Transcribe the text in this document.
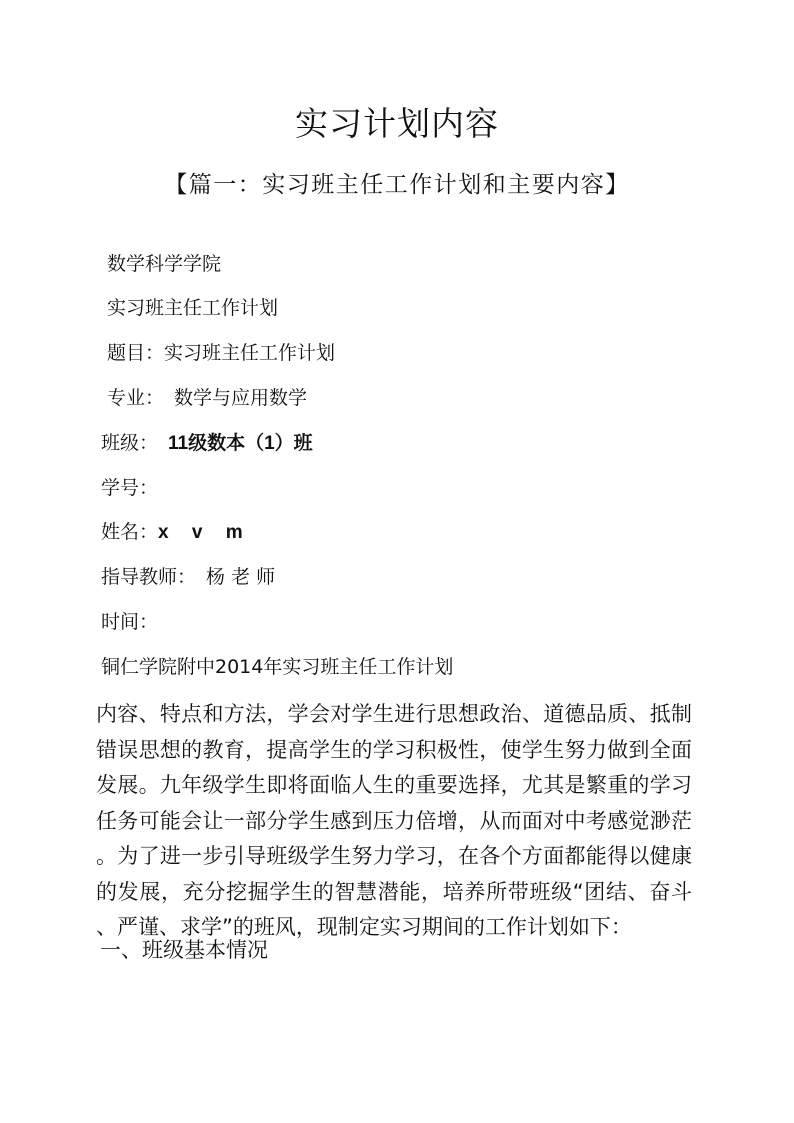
实习计划内容
【篇一：实习班主任工作计划和主要内容】
数学科学学院
实习班主任工作计划
题目：实习班主任工作计划
专业： 数学与应用数学
班级： 11级数本（1）班
学号：
姓名：x v m
指导教师： 杨 老 师
时间：
铜仁学院附中2014年实习班主任工作计划
内容、特点和方法，学会对学生进行思想政治、道德品质、抵制错误思想的教育，提高学生的学习积极性，使学生努力做到全面发展。九年级学生即将面临人生的重要选择，尤其是繁重的学习任务可能会让一部分学生感到压力倍增，从而面对中考感觉渺茫。为了进一步引导班级学生努力学习，在各个方面都能得以健康的发展，充分挖掘学生的智慧潜能，培养所带班级“团结、奋斗、严谨、求学”的班风，现制定实习期间的工作计划如下：
一、班级基本情况
